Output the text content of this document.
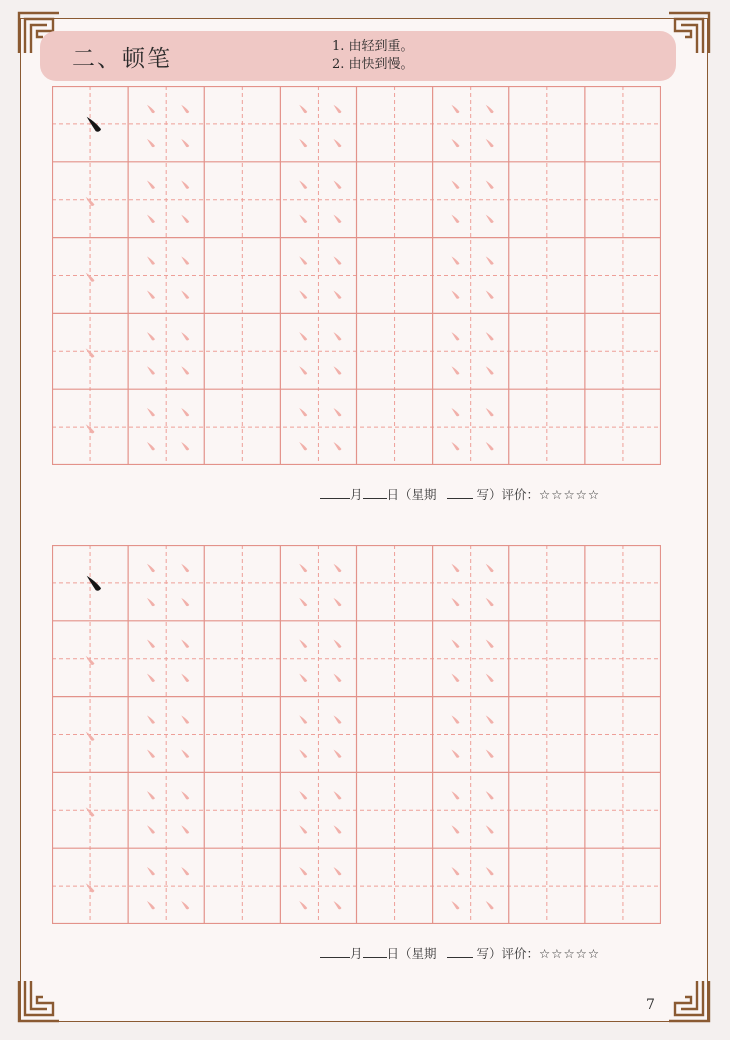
二、顿笔	1. 由轻到重。
2. 由快到慢。
月 日（星期	写）评价：☆☆☆☆☆
月 日（星期	写）评价：☆☆☆☆☆
7
